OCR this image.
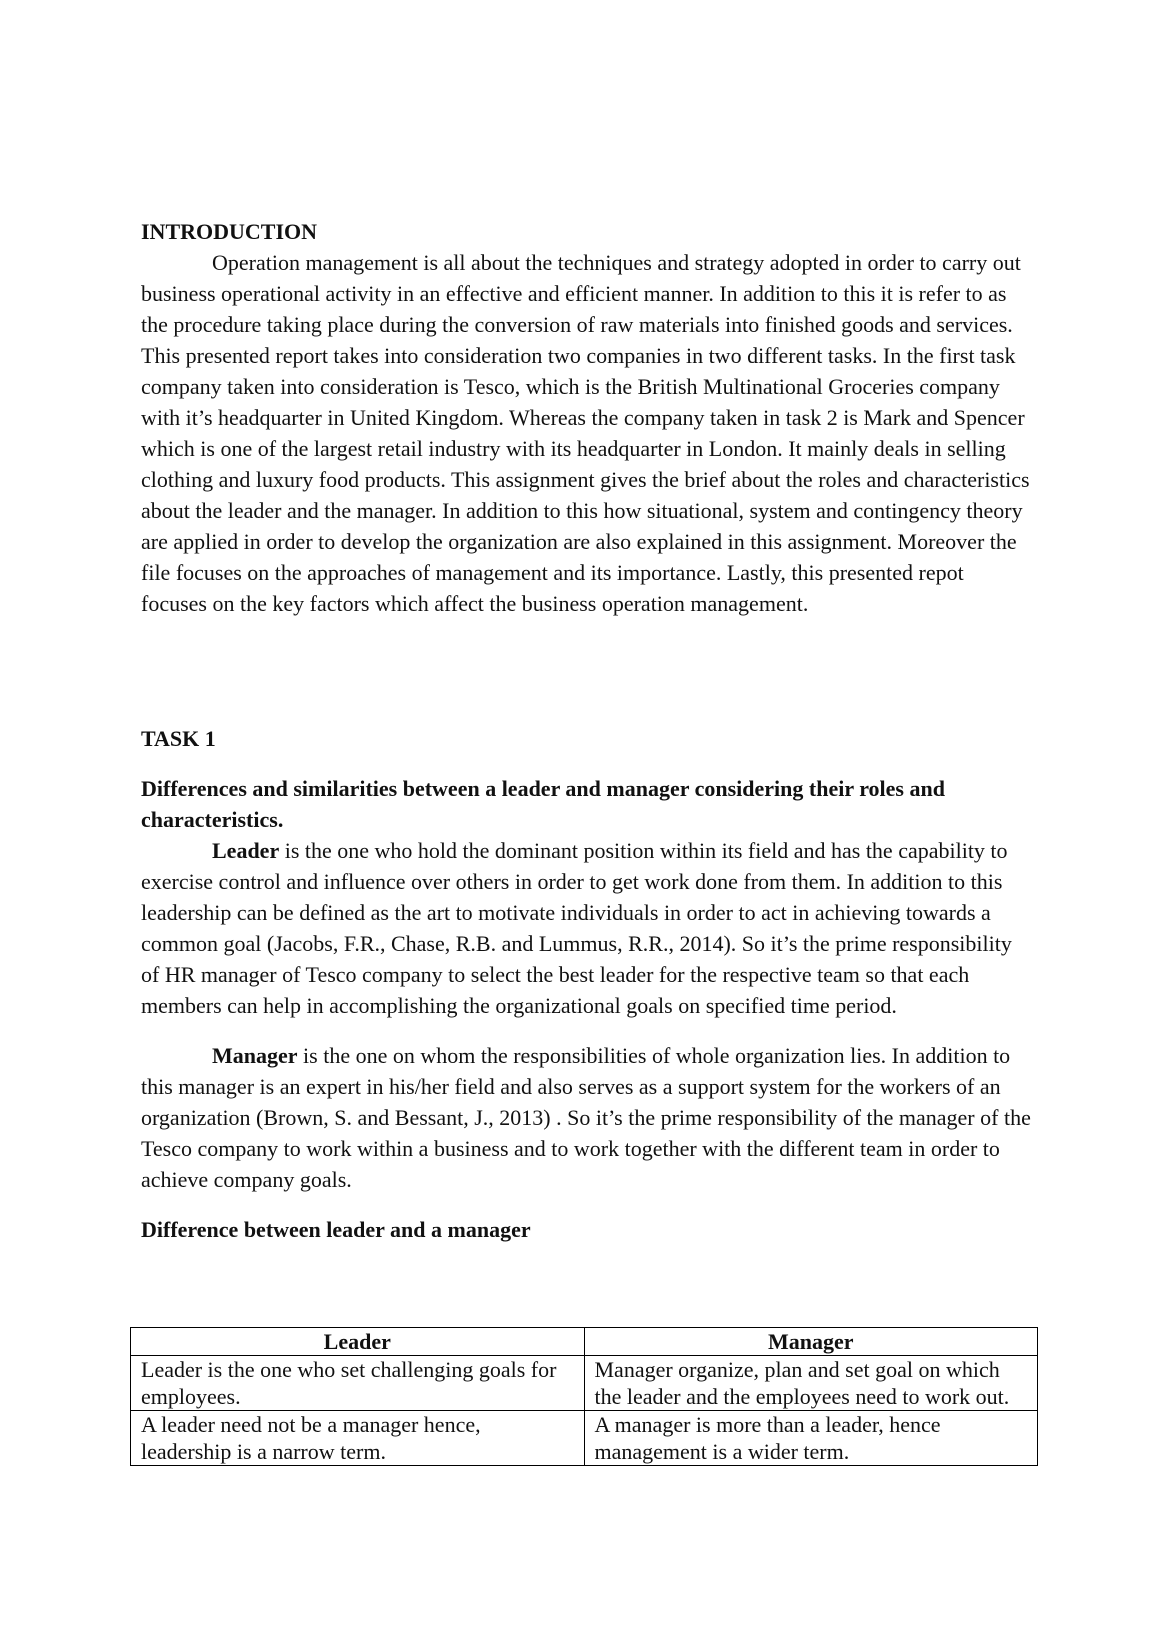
INTRODUCTION

Operation management is all about the techniques and strategy adopted in order to carry out business operational activity in an effective and efficient manner. In addition to this it is refer to as the procedure taking place during the conversion of raw materials into finished goods and services. This presented report takes into consideration two companies in two different tasks. In the first task company taken into consideration is Tesco, which is the British Multinational Groceries company with it’s headquarter in United Kingdom. Whereas the company taken in task 2 is Mark and Spencer which is one of the largest retail industry with its headquarter in London. It mainly deals in selling clothing and luxury food products. This assignment gives the brief about the roles and characteristics about the leader and the manager. In addition to this how situational, system and contingency theory are applied in order to develop the organization are also explained in this assignment. Moreover the file focuses on the approaches of management and its importance. Lastly, this presented repot focuses on the key factors which affect the business operation management.

TASK 1

Differences and similarities between a leader and manager considering their roles and characteristics.

Leader is the one who hold the dominant position within its field and has the capability to exercise control and influence over others in order to get work done from them. In addition to this leadership can be defined as the art to motivate individuals in order to act in achieving towards a common goal (Jacobs, F.R., Chase, R.B. and Lummus, R.R., 2014). So it’s the prime responsibility of HR manager of Tesco company to select the best leader for the respective team so that each members can help in accomplishing the organizational goals on specified time period.

Manager is the one on whom the responsibilities of whole organization lies. In addition to this manager is an expert in his/her field and also serves as a support system for the workers of an organization (Brown, S. and Bessant, J., 2013) . So it’s the prime responsibility of the manager of the Tesco company to work within a business and to work together with the different team in order to achieve company goals.

Difference between leader and a manager

Leader	Manager
Leader is the one who set challenging goals for employees.	Manager organize, plan and set goal on which the leader and the employees need to work out.
A leader need not be a manager hence, leadership is a narrow term.	A manager is more than a leader, hence management is a wider term.
